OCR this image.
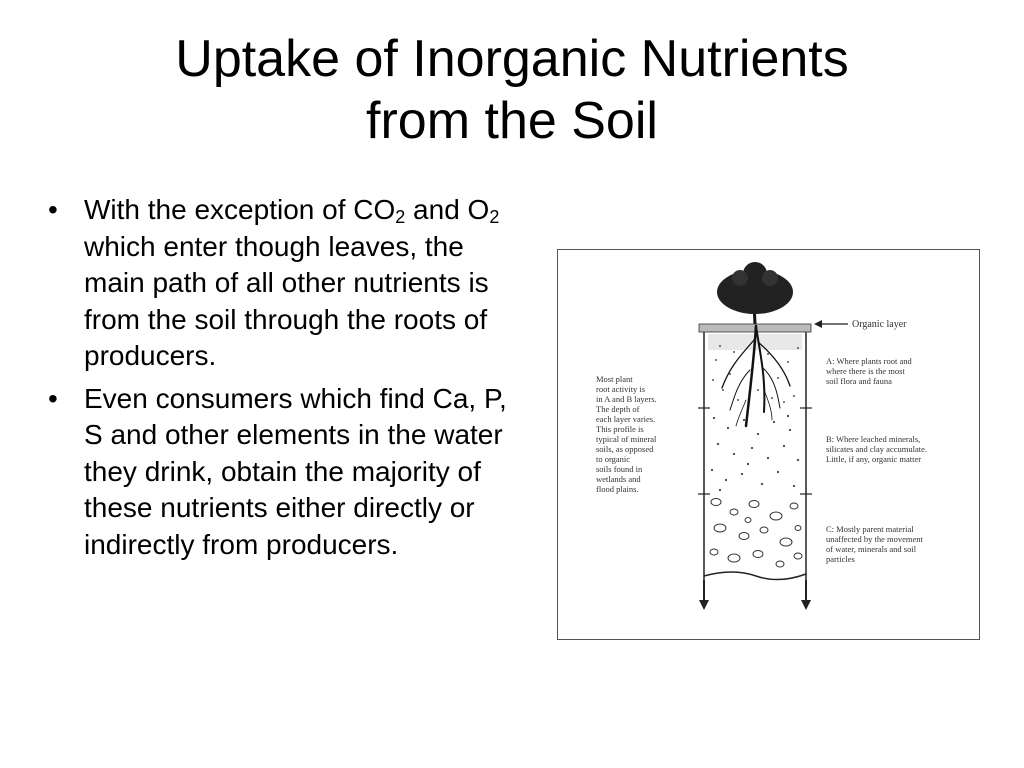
Uptake of Inorganic Nutrients
from the Soil
• With the exception of $CO_2$ and $O_2$ which enter though leaves, the main path of all other nutrients is from the soil through the roots of producers.
• Even consumers which find Ca, P, S and other elements in the water they drink, obtain the majority of these nutrients either directly or indirectly from producers.
Organic layer
Most plant
root activity is
in A and B layers.
The depth of
each layer varies.
This profile is
typical of mineral
soils, as opposed
to organic
soils found in
wetlands and
flood plains.
A: Where plants root and
where there is the most
soil flora and fauna
B: Where leached minerals,
silicates and clay accumulate.
Little, if any, organic matter
C: Mostly parent material
unaffected by the movement
of water, minerals and soil
particles
